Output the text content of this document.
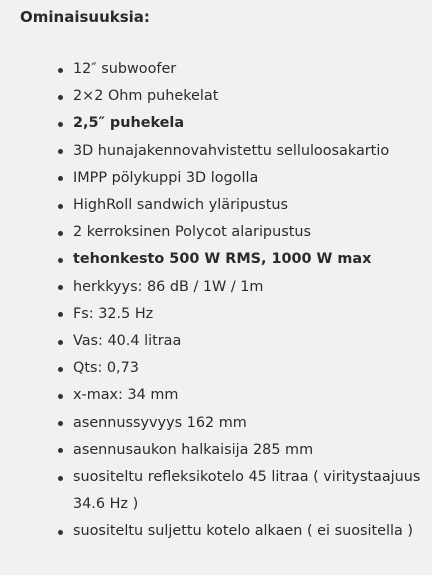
Ominaisuuksia:
12″ subwoofer
2×2 Ohm puhekelat
2,5″ puhekela
3D hunajakennovahvistettu selluloosakartio
IMPP pölykuppi 3D logolla
HighRoll sandwich yläripustus
2 kerroksinen Polycot alaripustus
tehonkesto 500 W RMS, 1000 W max
herkkyys: 86 dB / 1W / 1m
Fs: 32.5 Hz
Vas: 40.4 litraa
Qts: 0,73
x-max: 34 mm
asennussyvyys 162 mm
asennusaukon halkaisija 285 mm
suositeltu refleksikotelo 45 litraa ( viritystaajuus 34.6 Hz )
suositeltu suljettu kotelo alkaen ( ei suositella )
